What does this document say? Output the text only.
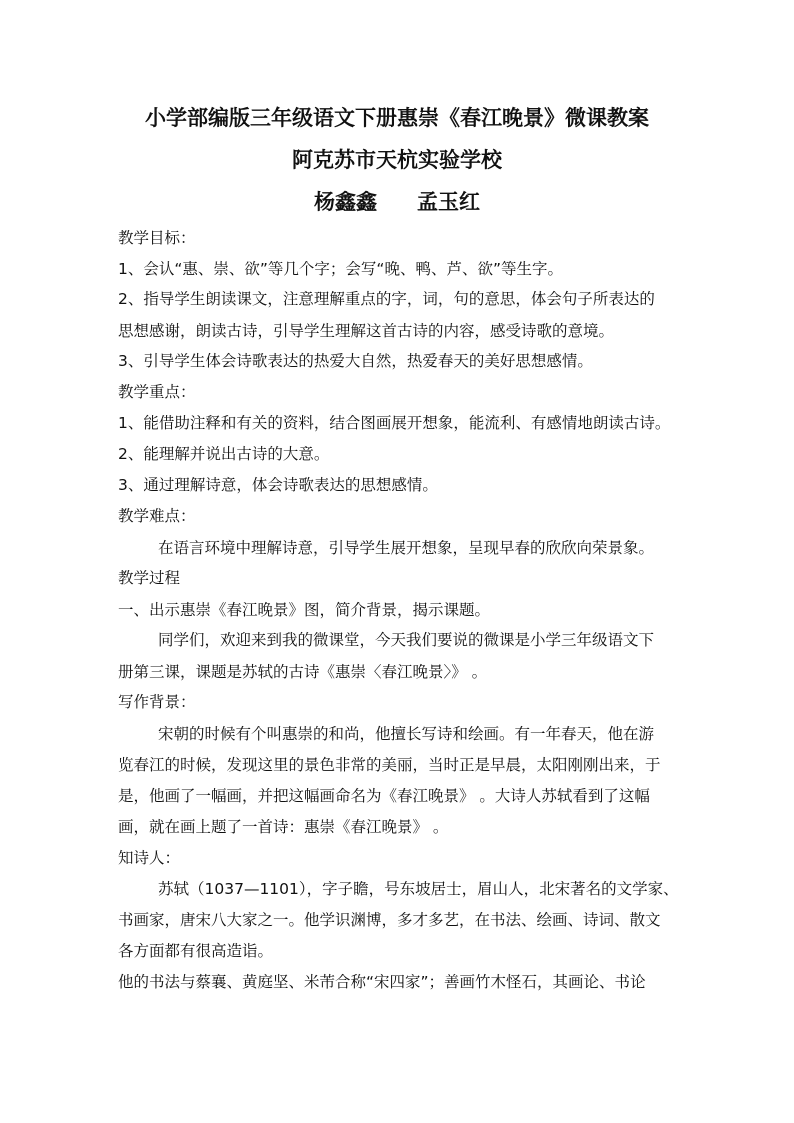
小学部编版三年级语文下册惠崇《春江晚景》微课教案
阿克苏市天杭实验学校
杨鑫鑫 孟玉红
教学目标：
1、会认“惠、崇、欲”等几个字；会写“晚、鸭、芦、欲”等生字。
2、指导学生朗读课文，注意理解重点的字，词，句的意思，体会句子所表达的
思想感谢，朗读古诗，引导学生理解这首古诗的内容，感受诗歌的意境。
3、引导学生体会诗歌表达的热爱大自然，热爱春天的美好思想感情。
教学重点：
1、能借助注释和有关的资料，结合图画展开想象，能流利、有感情地朗读古诗。
2、能理解并说出古诗的大意。
3、通过理解诗意，体会诗歌表达的思想感情。
教学难点：
在语言环境中理解诗意，引导学生展开想象，呈现早春的欣欣向荣景象。
教学过程
一、出示惠崇《春江晚景》图，简介背景，揭示课题。
同学们，欢迎来到我的微课堂，今天我们要说的微课是小学三年级语文下
册第三课，课题是苏轼的古诗《惠崇〈春江晚景〉》 。
写作背景：
宋朝的时候有个叫惠崇的和尚，他擅长写诗和绘画。有一年春天，他在游
览春江的时候，发现这里的景色非常的美丽，当时正是早晨，太阳刚刚出来，于
是，他画了一幅画，并把这幅画命名为《春江晚景》 。大诗人苏轼看到了这幅
画，就在画上题了一首诗：惠崇《春江晚景》 。
知诗人：
苏轼（1037—1101），字子瞻，号东坡居士，眉山人，北宋著名的文学家、
书画家，唐宋八大家之一。他学识渊博，多才多艺，在书法、绘画、诗词、散文
各方面都有很高造诣。
他的书法与蔡襄、黄庭坚、米芾合称“宋四家”；善画竹木怪石，其画论、书论
